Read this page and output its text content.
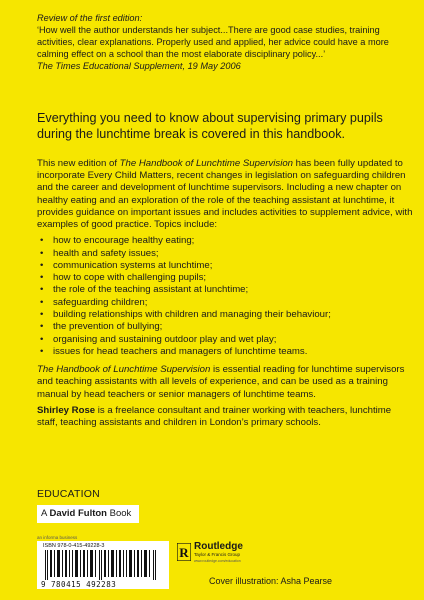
Review of the first edition:
‘How well the author understands her subject...There are good case studies, training activities, clear explanations. Properly used and applied, her advice could have a more calming effect on a school than the most elaborate disciplinary policy...’
The Times Educational Supplement, 19 May 2006
Everything you need to know about supervising primary pupils during the lunchtime break is covered in this handbook.

This new edition of The Handbook of Lunchtime Supervision has been fully updated to incorporate Every Child Matters, recent changes in legislation on safeguarding children and the career and development of lunchtime supervisors. Including a new chapter on healthy eating and an exploration of the role of the teaching assistant at lunchtime, it provides guidance on important issues and includes activities to supplement advice, with examples of good practice. Topics include:

• how to encourage healthy eating;
• health and safety issues;
• communication systems at lunchtime;
• how to cope with challenging pupils;
• the role of the teaching assistant at lunchtime;
• safeguarding children;
• building relationships with children and managing their behaviour;
• the prevention of bullying;
• organising and sustaining outdoor play and wet play;
• issues for head teachers and managers of lunchtime teams.

The Handbook of Lunchtime Supervision is essential reading for lunchtime supervisors and teaching assistants with all levels of experience, and can be used as a training manual by head teachers or senior managers of lunchtime teams.

Shirley Rose is a freelance consultant and trainer working with teachers, lunchtime staff, teaching assistants and children in London’s primary schools.

EDUCATION
A David Fulton Book
an informa business
ISBN 978-0-415-49228-3
9 780415 492283
R Routledge
Taylor & Francis Group
www.routledge.com/education
Cover illustration: Asha Pearse
